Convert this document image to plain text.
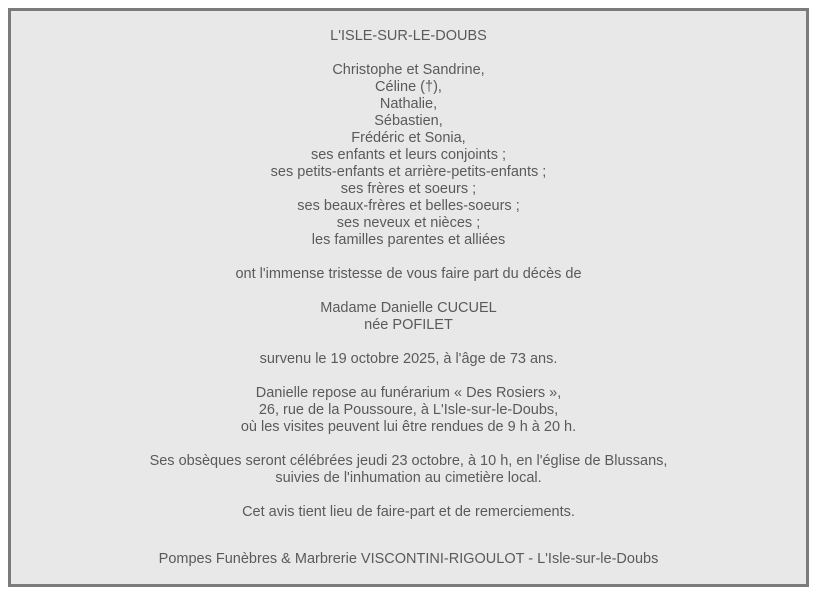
L'ISLE-SUR-LE-DOUBS
Christophe et Sandrine,
Céline (†),
Nathalie,
Sébastien,
Frédéric et Sonia,
ses enfants et leurs conjoints ;
ses petits-enfants et arrière-petits-enfants ;
ses frères et soeurs ;
ses beaux-frères et belles-soeurs ;
ses neveux et nièces ;
les familles parentes et alliées
ont l'immense tristesse de vous faire part du décès de
Madame Danielle CUCUEL
née POFILET
survenu le 19 octobre 2025, à l'âge de 73 ans.
Danielle repose au funérarium « Des Rosiers »,
26, rue de la Poussoure, à L'Isle-sur-le-Doubs,
où les visites peuvent lui être rendues de 9 h à 20 h.
Ses obsèques seront célébrées jeudi 23 octobre, à 10 h, en l'église de Blussans,
suivies de l'inhumation au cimetière local.
Cet avis tient lieu de faire-part et de remerciements.
Pompes Funèbres & Marbrerie VISCONTINI-RIGOULOT - L'Isle-sur-le-Doubs
